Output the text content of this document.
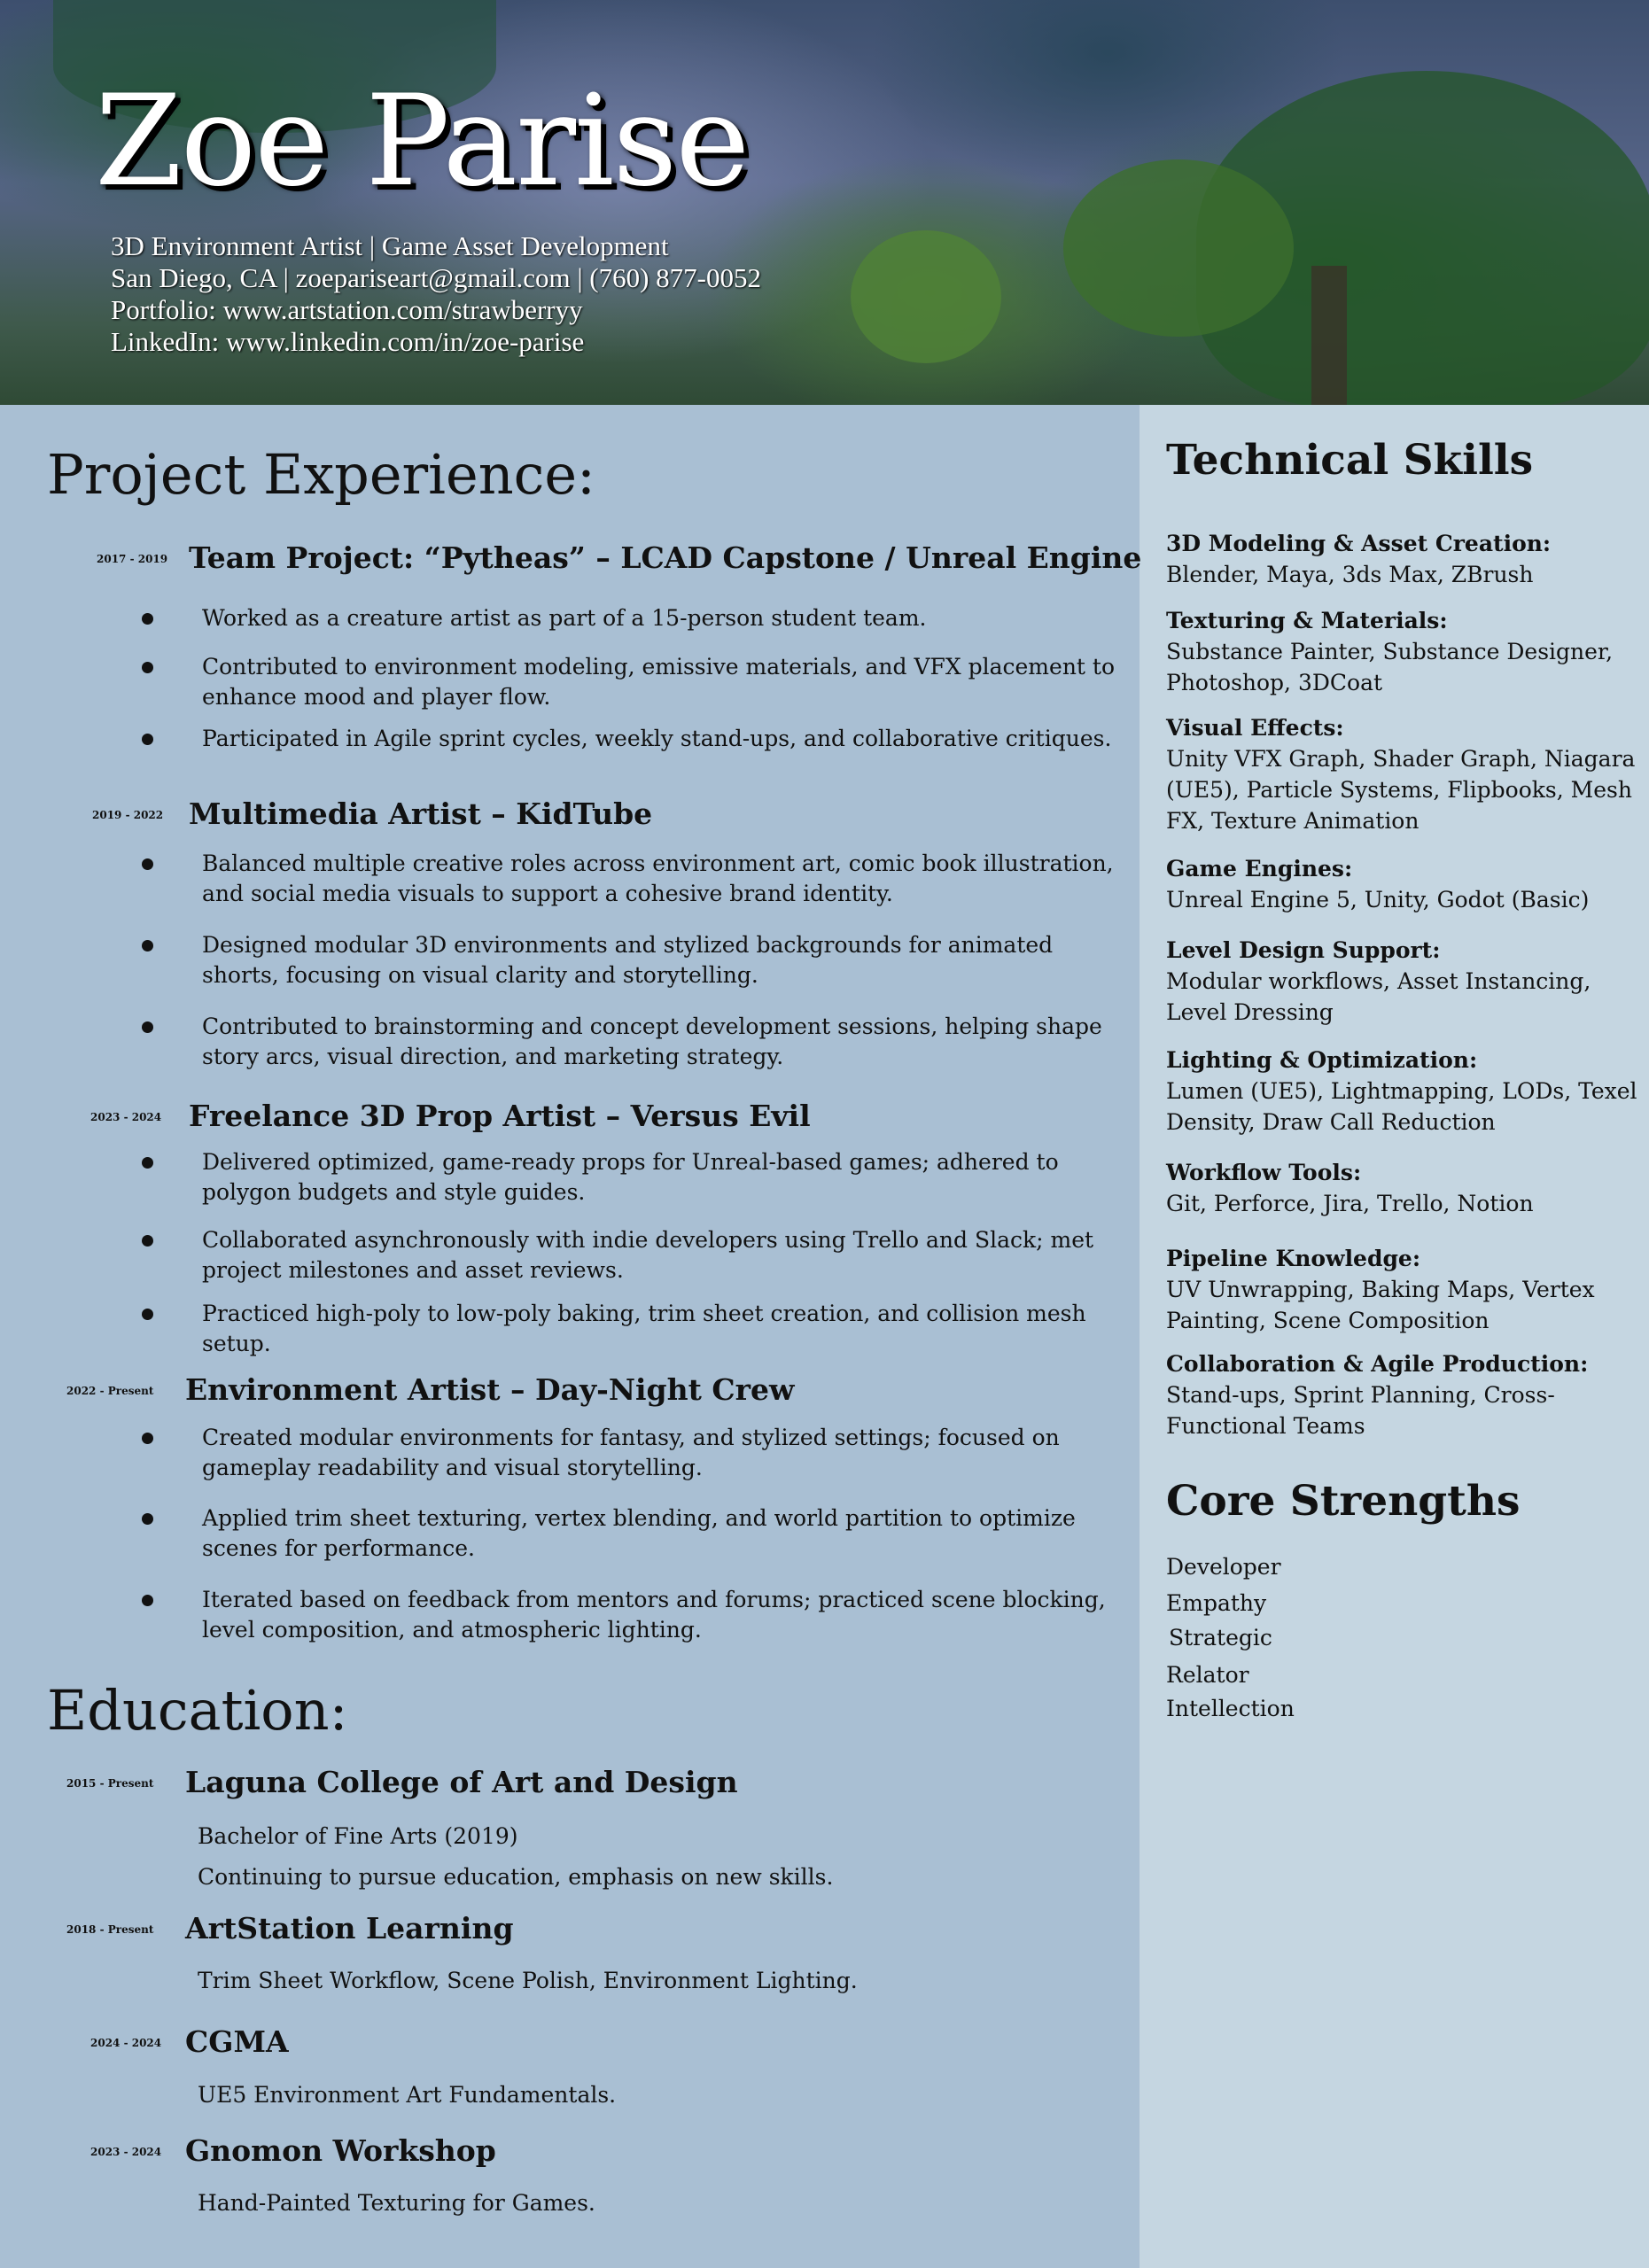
Zoe Parise
3D Environment Artist | Game Asset Development
San Diego, CA | zoepariseart@gmail.com | (760) 877-0052
Portfolio: www.artstation.com/strawberryy
LinkedIn: www.linkedin.com/in/zoe-parise
Project Experience:
2017 - 2019 Team Project: “Pytheas” – LCAD Capstone / Unreal Engine
Worked as a creature artist as part of a 15-person student team.
Contributed to environment modeling, emissive materials, and VFX placement to enhance mood and player flow.
Participated in Agile sprint cycles, weekly stand-ups, and collaborative critiques.
2019 - 2022 Multimedia Artist – KidTube
Balanced multiple creative roles across environment art, comic book illustration, and social media visuals to support a cohesive brand identity.
Designed modular 3D environments and stylized backgrounds for animated shorts, focusing on visual clarity and storytelling.
Contributed to brainstorming and concept development sessions, helping shape story arcs, visual direction, and marketing strategy.
2023 - 2024 Freelance 3D Prop Artist – Versus Evil
Delivered optimized, game-ready props for Unreal-based games; adhered to polygon budgets and style guides.
Collaborated asynchronously with indie developers using Trello and Slack; met project milestones and asset reviews.
Practiced high-poly to low-poly baking, trim sheet creation, and collision mesh setup.
2022 - Present Environment Artist – Day-Night Crew
Created modular environments for fantasy, and stylized settings; focused on gameplay readability and visual storytelling.
Applied trim sheet texturing, vertex blending, and world partition to optimize scenes for performance.
Iterated based on feedback from mentors and forums; practiced scene blocking, level composition, and atmospheric lighting.
Education:
2015 - Present Laguna College of Art and Design
Bachelor of Fine Arts (2019)
Continuing to pursue education, emphasis on new skills.
2018 - Present ArtStation Learning
Trim Sheet Workflow, Scene Polish, Environment Lighting.
2024 - 2024 CGMA
UE5 Environment Art Fundamentals.
2023 - 2024 Gnomon Workshop
Hand-Painted Texturing for Games.
Technical Skills
3D Modeling & Asset Creation:
Blender, Maya, 3ds Max, ZBrush
Texturing & Materials:
Substance Painter, Substance Designer, Photoshop, 3DCoat
Visual Effects:
Unity VFX Graph, Shader Graph, Niagara (UE5), Particle Systems, Flipbooks, Mesh FX, Texture Animation
Game Engines:
Unreal Engine 5, Unity, Godot (Basic)
Level Design Support:
Modular workflows, Asset Instancing, Level Dressing
Lighting & Optimization:
Lumen (UE5), Lightmapping, LODs, Texel Density, Draw Call Reduction
Workflow Tools:
Git, Perforce, Jira, Trello, Notion
Pipeline Knowledge:
UV Unwrapping, Baking Maps, Vertex Painting, Scene Composition
Collaboration & Agile Production:
Stand-ups, Sprint Planning, Cross-Functional Teams
Core Strengths
Developer
Empathy
Strategic
Relator
Intellection
